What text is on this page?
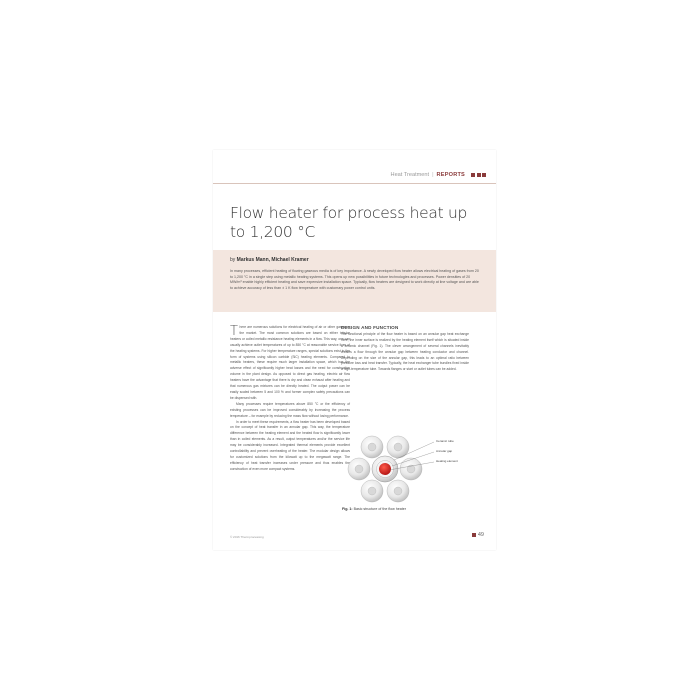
Heat Treatment | REPORTS
Flow heater for process heat up to 1,200 °C
by Markus Mann, Michael Kramer
In many processes, efficient heating of flowing gaseous media is of key importance. A newly developed flow heater allows electrical heating of gases from 20 to 1,200 °C in a single step using metallic heating systems. This opens up new possibilities in future technologies and processes. Power densities of 20 MW/m³ enable highly efficient heating and save expensive installation space. Typically, flow heaters are designed to work directly at line voltage and are able to achieve accuracy of less than ± 1 K flow temperature with customary power control units.

There are numerous solutions for electrical heating of air or other gases on the market. The most common solutions are based on either tubular heaters or coiled metallic resistance heating elements in a flow. This way, one can usually achieve outlet temperatures of up to 850 °C at reasonable service lives of the heating systems. For higher temperature ranges, special solutions exist in the form of systems using silicon carbide (SiC) heating elements. Compared to metallic heaters, these require much larger installation space, which has the adverse effect of significantly higher heat losses and the need for construction volume in the plant design. As opposed to direct gas heating, electric air flow heaters have the advantage that there is dry and clean exhaust after heating and that numerous gas mixtures can be directly heated. The output power can be easily scaled between 5 and 100 % and former complex safety precautions can be dispensed with.

Many processes require temperatures above 850 °C or the efficiency of existing processes can be improved considerably by increasing the process temperature – for example by reducing the mass flow without losing performance.

In order to meet these requirements, a flow heater has been developed based on the concept of heat transfer in an annular gap. This way, the temperature difference between the heating element and the heated flow is significantly lower than in coiled elements. As a result, output temperatures and/or the service life may be considerably increased. Integrated thermal elements provide excellent controllability and prevent overheating of the heater. The modular design allows for customized solutions from the kilowatt up to the megawatt range. The efficiency of heat transfer increases under pressure and thus enables the construction of even more compact systems.

DESIGN AND FUNCTION

The functional principle of the flow heater is based on an annular gap heat exchange here, the inner surface is realized by the heating element itself which is situated inside a ceramic channel (Fig. 1). The clever arrangement of several channels inevitably creates a flow through the annular gap between heating conductor and channel. Depending on the size of the annular gap, this leads to an optimal ratio between pressure loss and heat transfer. Typically, the heat exchanger tube bundles fixed inside a high-temperature tube. Towards flanges or start or outlet tubes can be added.

Ceramic tube
Annular gap
Heating element
Fig. 1: Basic structure of the flow heater
© 2016 Thermprocessing	49
